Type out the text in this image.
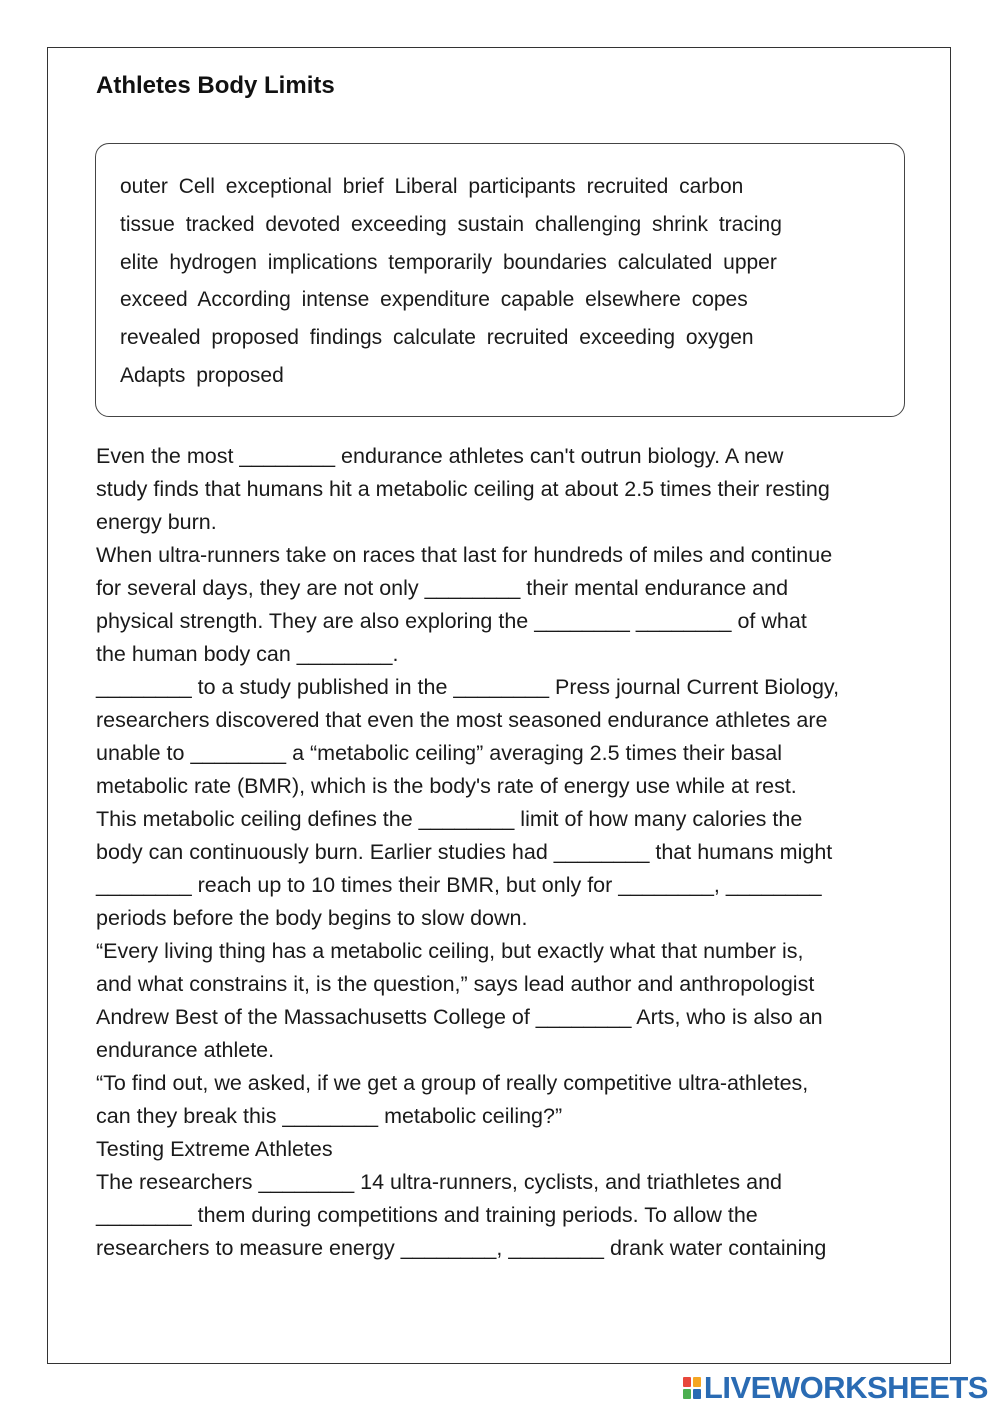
Athletes Body Limits
outer Cell exceptional brief Liberal participants recruited carbon
tissue tracked devoted exceeding sustain challenging shrink tracing
elite hydrogen implications temporarily boundaries calculated upper
exceed According intense expenditure capable elsewhere copes
revealed proposed findings calculate recruited exceeding oxygen
Adapts proposed
Even the most ________ endurance athletes can't outrun biology. A new
study finds that humans hit a metabolic ceiling at about 2.5 times their resting
energy burn.
When ultra-runners take on races that last for hundreds of miles and continue
for several days, they are not only ________ their mental endurance and
physical strength. They are also exploring the ________ ________ of what
the human body can ________.
________ to a study published in the ________ Press journal Current Biology,
researchers discovered that even the most seasoned endurance athletes are
unable to ________ a “metabolic ceiling” averaging 2.5 times their basal
metabolic rate (BMR), which is the body's rate of energy use while at rest.
This metabolic ceiling defines the ________ limit of how many calories the
body can continuously burn. Earlier studies had ________ that humans might
________ reach up to 10 times their BMR, but only for ________, ________
periods before the body begins to slow down.
“Every living thing has a metabolic ceiling, but exactly what that number is,
and what constrains it, is the question,” says lead author and anthropologist
Andrew Best of the Massachusetts College of ________ Arts, who is also an
endurance athlete.
“To find out, we asked, if we get a group of really competitive ultra-athletes,
can they break this ________ metabolic ceiling?”
Testing Extreme Athletes
The researchers ________ 14 ultra-runners, cyclists, and triathletes and
________ them during competitions and training periods. To allow the
researchers to measure energy ________, ________ drank water containing
LIVEWORKSHEETS
